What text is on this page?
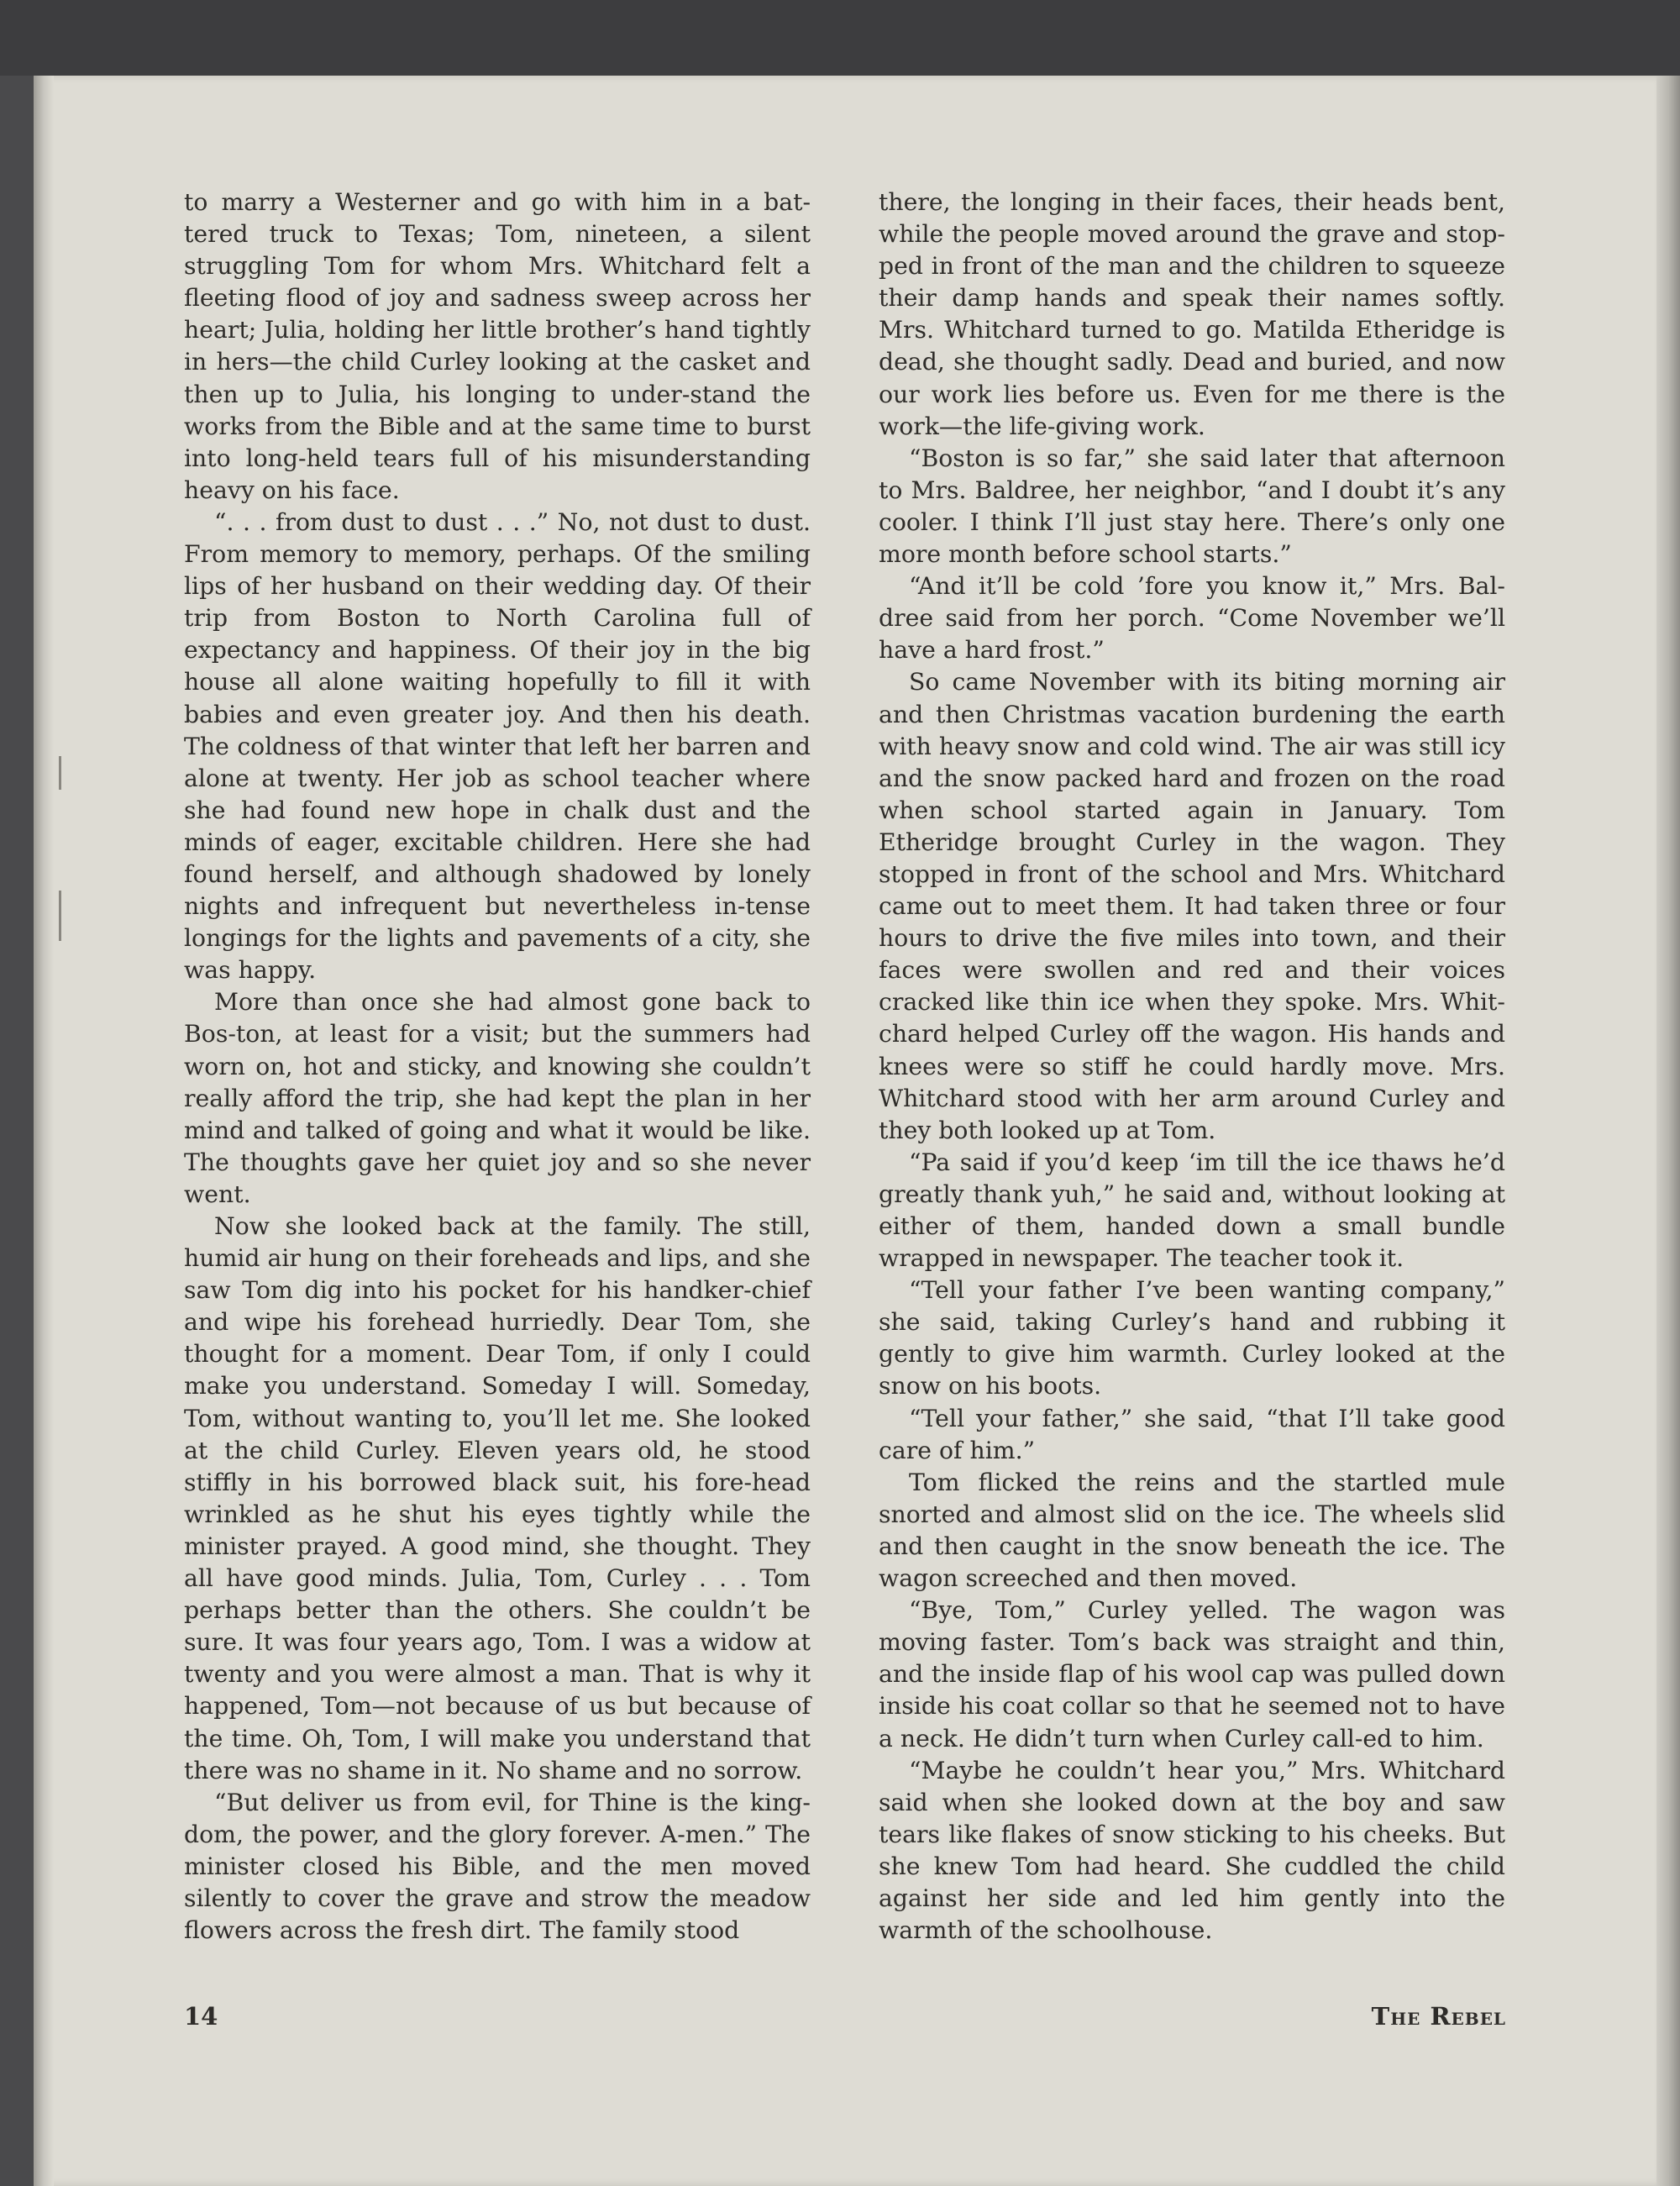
to marry a Westerner and go with him in a bat-tered truck to Texas; Tom, nineteen, a silent struggling Tom for whom Mrs. Whitchard felt a fleeting flood of joy and sadness sweep across her heart; Julia, holding her little brother’s hand tightly in hers—the child Curley looking at the casket and then up to Julia, his longing to under-stand the works from the Bible and at the same time to burst into long-held tears full of his misunderstanding heavy on his face.

“. . . from dust to dust . . .” No, not dust to dust. From memory to memory, perhaps. Of the smiling lips of her husband on their wedding day. Of their trip from Boston to North Carolina full of expectancy and happiness. Of their joy in the big house all alone waiting hopefully to fill it with babies and even greater joy. And then his death. The coldness of that winter that left her barren and alone at twenty. Her job as school teacher where she had found new hope in chalk dust and the minds of eager, excitable children. Here she had found herself, and although shadowed by lonely nights and infrequent but nevertheless in-tense longings for the lights and pavements of a city, she was happy.

More than once she had almost gone back to Bos-ton, at least for a visit; but the summers had worn on, hot and sticky, and knowing she couldn’t really afford the trip, she had kept the plan in her mind and talked of going and what it would be like. The thoughts gave her quiet joy and so she never went.

Now she looked back at the family. The still, humid air hung on their foreheads and lips, and she saw Tom dig into his pocket for his handker-chief and wipe his forehead hurriedly. Dear Tom, she thought for a moment. Dear Tom, if only I could make you understand. Someday I will. Someday, Tom, without wanting to, you’ll let me. She looked at the child Curley. Eleven years old, he stood stiffly in his borrowed black suit, his fore-head wrinkled as he shut his eyes tightly while the minister prayed. A good mind, she thought. They all have good minds. Julia, Tom, Curley . . . Tom perhaps better than the others. She couldn’t be sure. It was four years ago, Tom. I was a widow at twenty and you were almost a man. That is why it happened, Tom—not because of us but because of the time. Oh, Tom, I will make you understand that there was no shame in it. No shame and no sorrow.

“But deliver us from evil, for Thine is the king-dom, the power, and the glory forever. A-men.” The minister closed his Bible, and the men moved silently to cover the grave and strow the meadow flowers across the fresh dirt. The family stood

there, the longing in their faces, their heads bent, while the people moved around the grave and stop-ped in front of the man and the children to squeeze their damp hands and speak their names softly. Mrs. Whitchard turned to go. Matilda Etheridge is dead, she thought sadly. Dead and buried, and now our work lies before us. Even for me there is the work—the life-giving work.

“Boston is so far,” she said later that afternoon to Mrs. Baldree, her neighbor, “and I doubt it’s any cooler. I think I’ll just stay here. There’s only one more month before school starts.”

“And it’ll be cold ’fore you know it,” Mrs. Bal-dree said from her porch. “Come November we’ll have a hard frost.”

So came November with its biting morning air and then Christmas vacation burdening the earth with heavy snow and cold wind. The air was still icy and the snow packed hard and frozen on the road when school started again in January. Tom Etheridge brought Curley in the wagon. They stopped in front of the school and Mrs. Whitchard came out to meet them. It had taken three or four hours to drive the five miles into town, and their faces were swollen and red and their voices cracked like thin ice when they spoke. Mrs. Whit-chard helped Curley off the wagon. His hands and knees were so stiff he could hardly move. Mrs. Whitchard stood with her arm around Curley and they both looked up at Tom.

“Pa said if you’d keep ‘im till the ice thaws he’d greatly thank yuh,” he said and, without looking at either of them, handed down a small bundle wrapped in newspaper. The teacher took it.

“Tell your father I’ve been wanting company,” she said, taking Curley’s hand and rubbing it gently to give him warmth. Curley looked at the snow on his boots.

“Tell your father,” she said, “that I’ll take good care of him.”

Tom flicked the reins and the startled mule snorted and almost slid on the ice. The wheels slid and then caught in the snow beneath the ice. The wagon screeched and then moved.

“Bye, Tom,” Curley yelled. The wagon was moving faster. Tom’s back was straight and thin, and the inside flap of his wool cap was pulled down inside his coat collar so that he seemed not to have a neck. He didn’t turn when Curley call-ed to him.

“Maybe he couldn’t hear you,” Mrs. Whitchard said when she looked down at the boy and saw tears like flakes of snow sticking to his cheeks. But she knew Tom had heard. She cuddled the child against her side and led him gently into the warmth of the schoolhouse.

14	The Rebel
